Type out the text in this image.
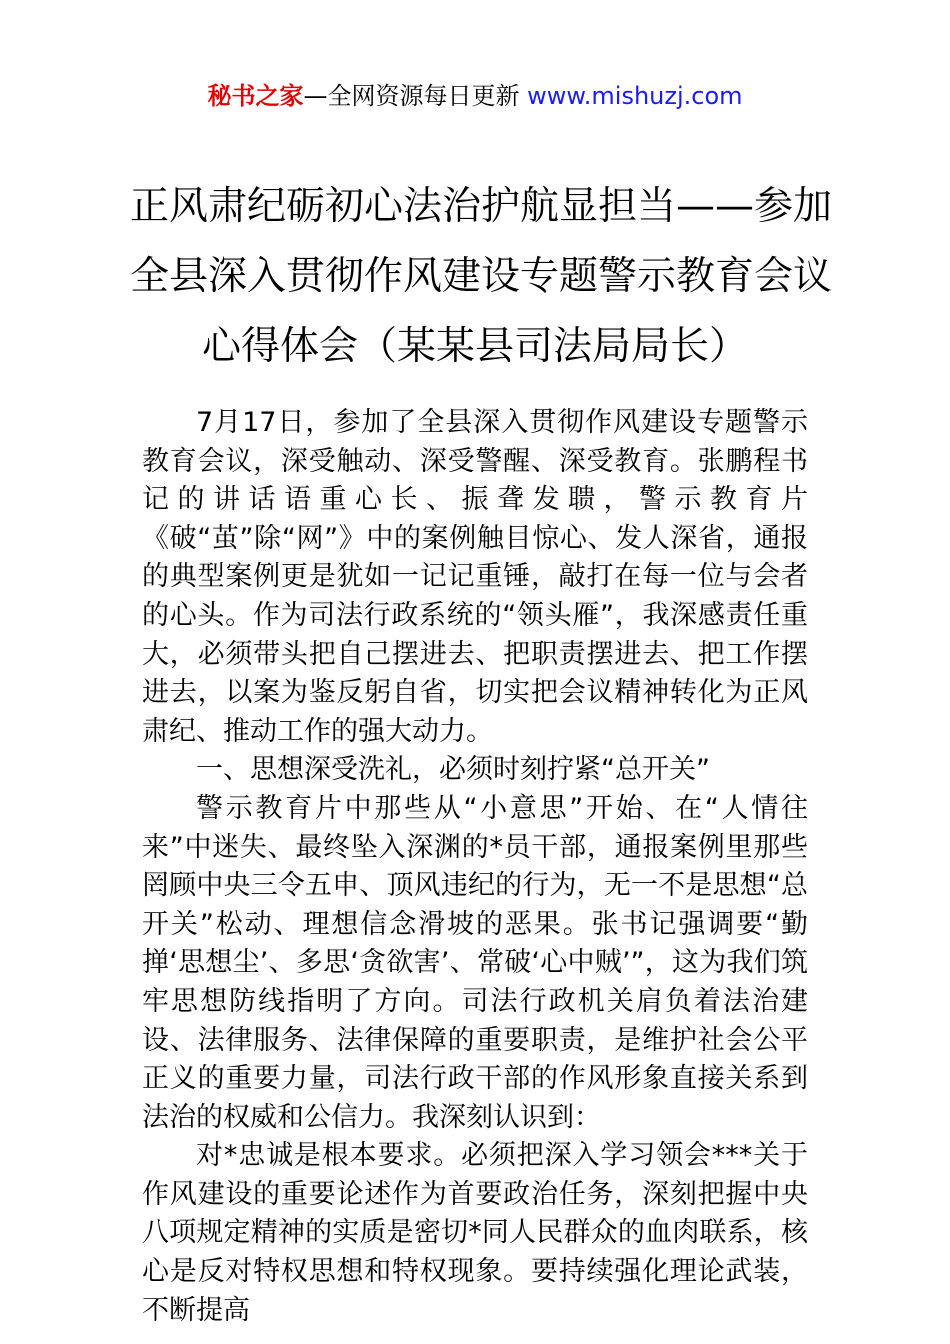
秘书之家—全网资源每日更新 www.mishuzj.com
正风肃纪砺初心法治护航显担当——参加
全县深入贯彻作风建设专题警示教育会议
心得体会（某某县司法局局长）

7月17日，参加了全县深入贯彻作风建设专题警示教育会议，深受触动、深受警醒、深受教育。张鹏程书记的讲话语重心长、振聋发聩，警示教育片《破“茧”除“网”》中的案例触目惊心、发人深省，通报的典型案例更是犹如一记记重锤，敲打在每一位与会者的心头。作为司法行政系统的“领头雁”，我深感责任重大，必须带头把自己摆进去、把职责摆进去、把工作摆进去，以案为鉴反躬自省，切实把会议精神转化为正风肃纪、推动工作的强大动力。

一、思想深受洗礼，必须时刻拧紧“总开关”

警示教育片中那些从“小意思”开始、在“人情往来”中迷失、最终坠入深渊的*员干部，通报案例里那些罔顾中央三令五申、顶风违纪的行为，无一不是思想“总开关”松动、理想信念滑坡的恶果。张书记强调要“勤掸‘思想尘’、多思‘贪欲害’、常破‘心中贼’”，这为我们筑牢思想防线指明了方向。司法行政机关肩负着法治建设、法律服务、法律保障的重要职责，是维护社会公平正义的重要力量，司法行政干部的作风形象直接关系到法治的权威和公信力。我深刻认识到：

对*忠诚是根本要求。必须把深入学习领会***关于作风建设的重要论述作为首要政治任务，深刻把握中央八项规定精神的实质是密切*同人民群众的血肉联系，核心是反对特权思想和特权现象。要持续强化理论武装，不断提高
